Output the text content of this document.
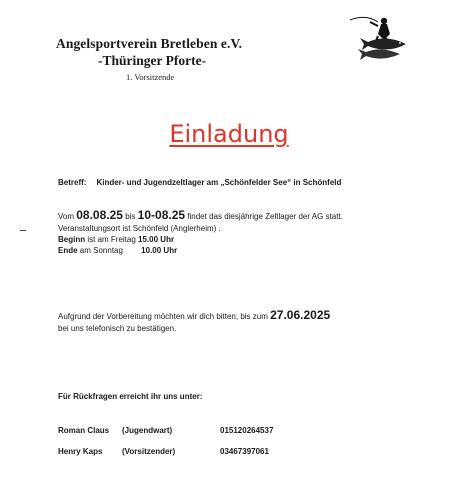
Angelsportverein Bretleben e.V.
-Thüringer Pforte-
1. Vorsitzende
Einladung
Betreff: Kinder- und Jugendzeltlager am „Schönfelder See“ in Schönfeld
Vom 08.08.25 bis 10-08.25 findet das diesjährige Zeltlager der AG statt.
Veranstaltungsort ist Schönfeld (Anglerheim) .
Beginn ist am Freitag 15.00 Uhr
Ende am Sonntag 10.00 Uhr
Aufgrund der Vorbereitung möchten wir dich bitten, bis zum 27.06.2025
bei uns telefonisch zu bestätigen.
Für Rückfragen erreicht ihr uns unter:
Roman Claus (Jugendwart)	015120264537
Henry Kaps (Vorsitzender)	03467397061
